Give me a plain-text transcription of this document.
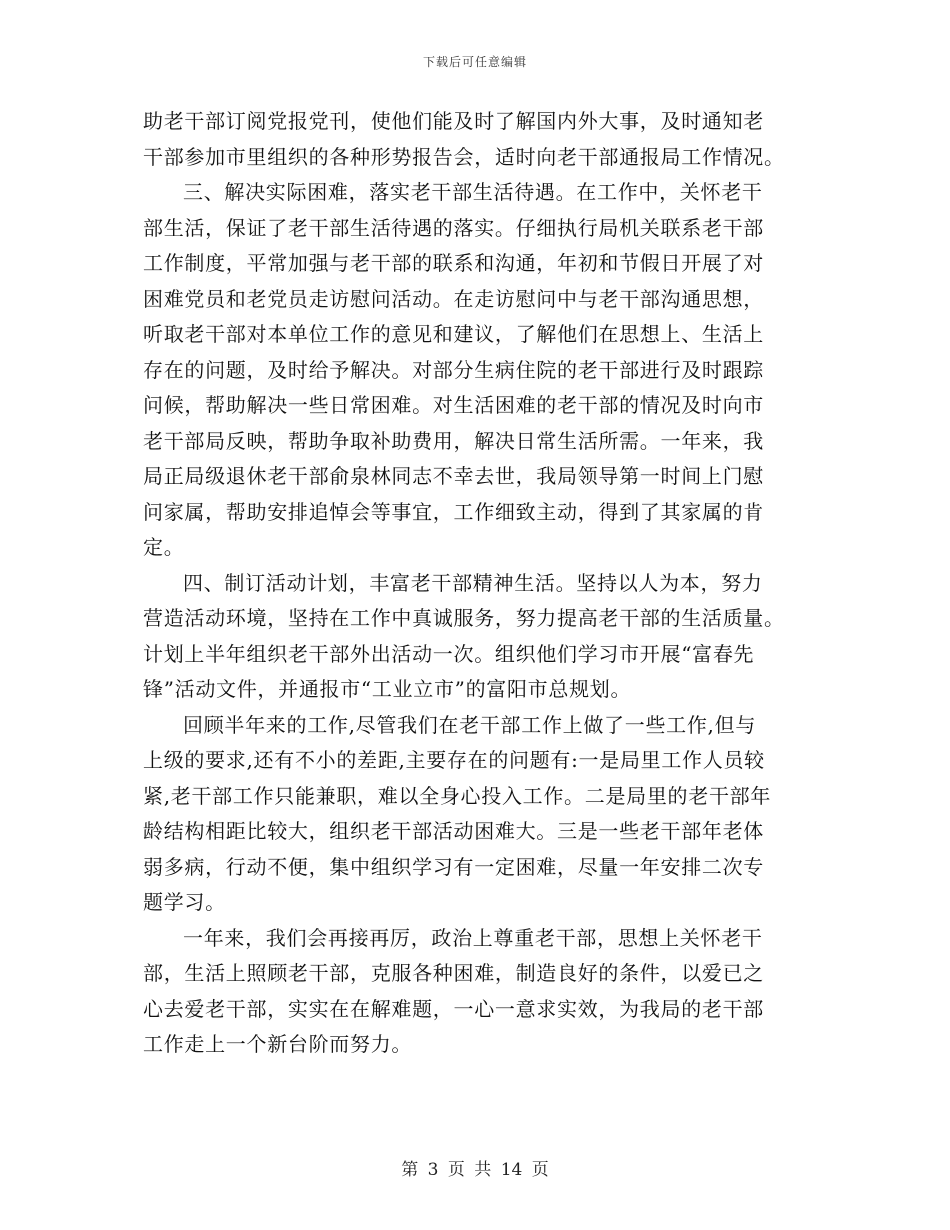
下载后可任意编辑
助老干部订阅党报党刊，使他们能及时了解国内外大事，及时通知老
干部参加市里组织的各种形势报告会，适时向老干部通报局工作情况。
三、解决实际困难，落实老干部生活待遇。在工作中，关怀老干
部生活，保证了老干部生活待遇的落实。仔细执行局机关联系老干部
工作制度，平常加强与老干部的联系和沟通，年初和节假日开展了对
困难党员和老党员走访慰问活动。在走访慰问中与老干部沟通思想，
听取老干部对本单位工作的意见和建议，了解他们在思想上、生活上
存在的问题，及时给予解决。对部分生病住院的老干部进行及时跟踪
问候，帮助解决一些日常困难。对生活困难的老干部的情况及时向市
老干部局反映，帮助争取补助费用，解决日常生活所需。一年来，我
局正局级退休老干部俞泉林同志不幸去世，我局领导第一时间上门慰
问家属，帮助安排追悼会等事宜，工作细致主动，得到了其家属的肯
定。
四、制订活动计划，丰富老干部精神生活。坚持以人为本，努力
营造活动环境，坚持在工作中真诚服务，努力提高老干部的生活质量。
计划上半年组织老干部外出活动一次。组织他们学习市开展“富春先
锋”活动文件，并通报市“工业立市”的富阳市总规划。
回顾半年来的工作,尽管我们在老干部工作上做了一些工作,但与
上级的要求,还有不小的差距,主要存在的问题有:一是局里工作人员较
紧,老干部工作只能兼职，难以全身心投入工作。二是局里的老干部年
龄结构相距比较大，组织老干部活动困难大。三是一些老干部年老体
弱多病，行动不便，集中组织学习有一定困难，尽量一年安排二次专
题学习。
一年来，我们会再接再厉，政治上尊重老干部，思想上关怀老干
部，生活上照顾老干部，克服各种困难，制造良好的条件，以爱已之
心去爱老干部，实实在在解难题，一心一意求实效，为我局的老干部
工作走上一个新台阶而努力。
第 3 页 共 14 页
